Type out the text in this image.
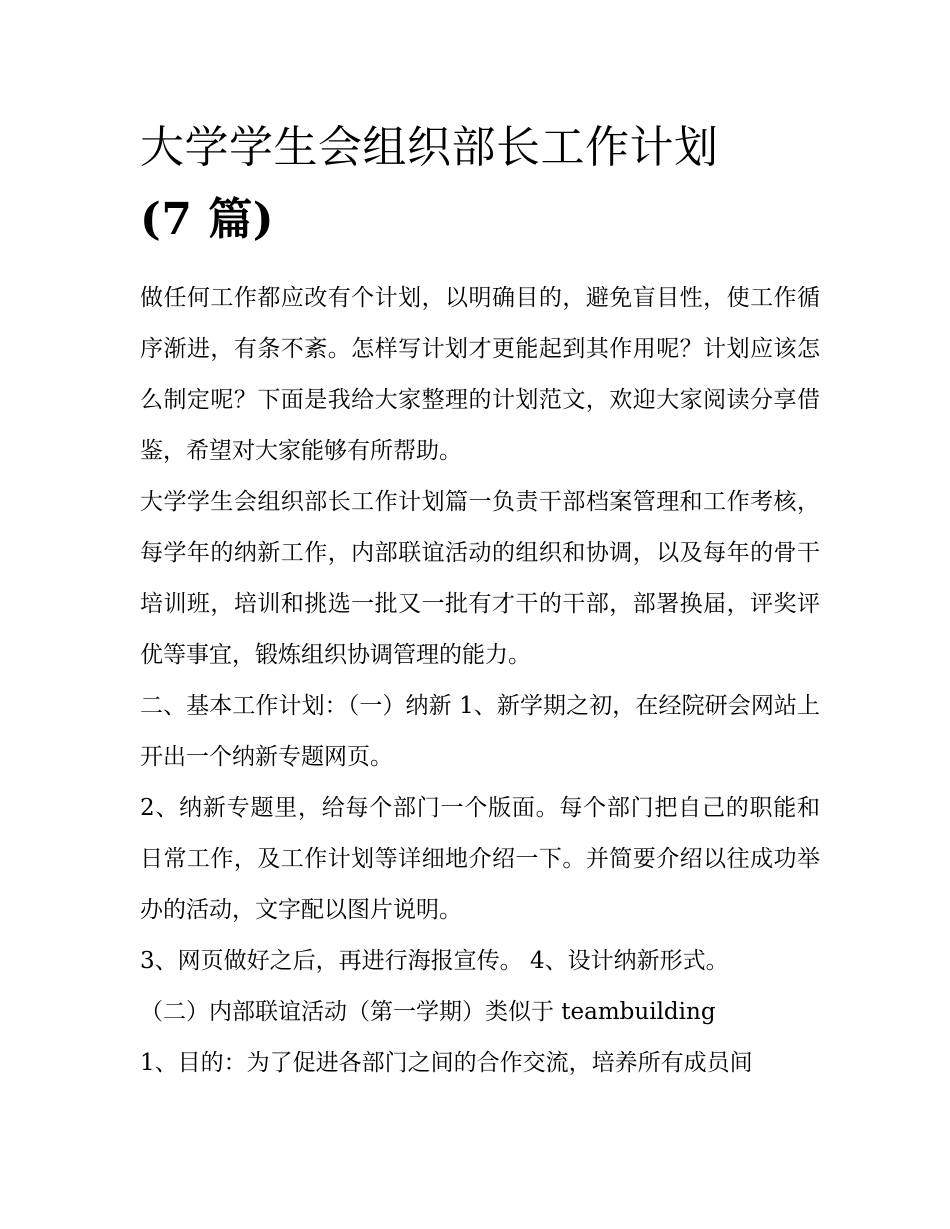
大学学生会组织部长工作计划
(7 篇)

做任何工作都应改有个计划，以明确目的，避免盲目性，使工作循序渐进，有条不紊。怎样写计划才更能起到其作用呢？计划应该怎么制定呢？下面是我给大家整理的计划范文，欢迎大家阅读分享借鉴，希望对大家能够有所帮助。

大学学生会组织部长工作计划篇一负责干部档案管理和工作考核，每学年的纳新工作，内部联谊活动的组织和协调，以及每年的骨干培训班，培训和挑选一批又一批有才干的干部，部署换届，评奖评优等事宜，锻炼组织协调管理的能力。

二、基本工作计划：（一）纳新 1、新学期之初，在经院研会网站上开出一个纳新专题网页。

2、纳新专题里，给每个部门一个版面。每个部门把自己的职能和日常工作，及工作计划等详细地介绍一下。并简要介绍以往成功举办的活动，文字配以图片说明。

3、网页做好之后，再进行海报宣传。 4、设计纳新形式。

（二）内部联谊活动（第一学期）类似于 teambuilding

1、目的：为了促进各部门之间的合作交流，培养所有成员间
